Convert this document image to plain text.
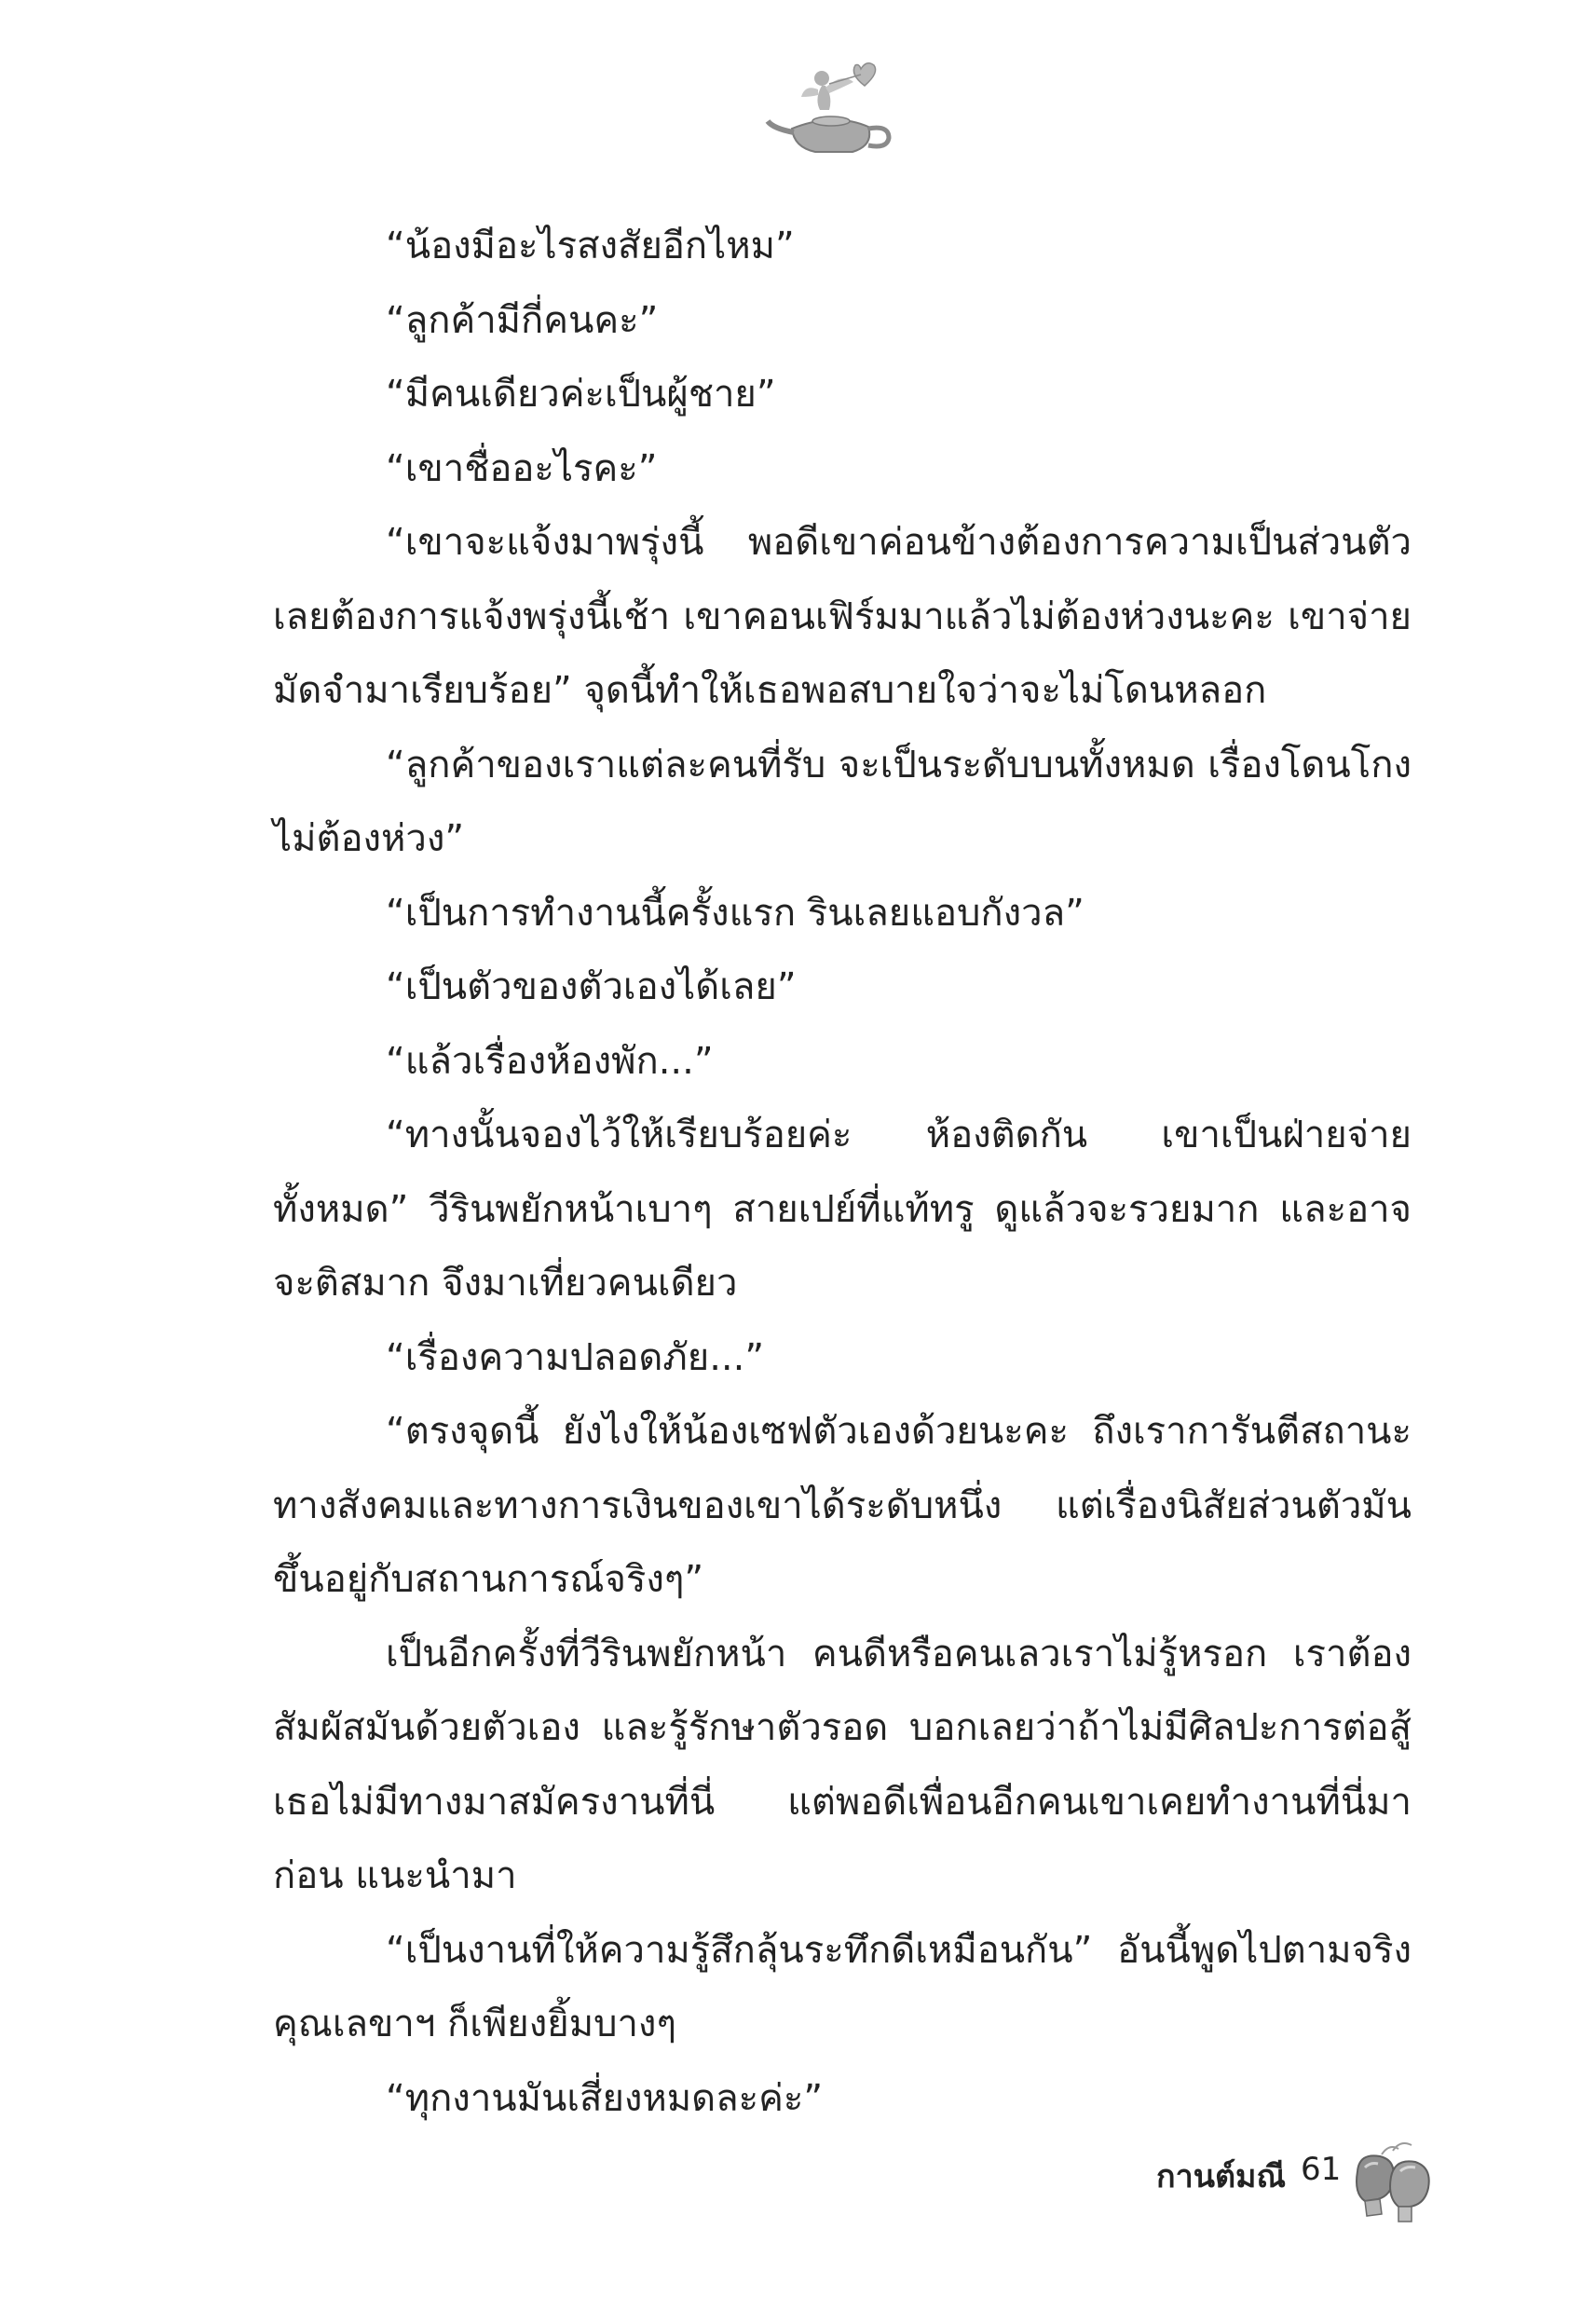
“น้องมีอะไรสงสัยอีกไหม”

“ลูกค้ามีกี่คนคะ”

“มีคนเดียวค่ะเป็นผู้ชาย”

“เขาชื่ออะไรคะ”

“เขาจะแจ้งมาพรุ่งนี้ พอดีเขาค่อนข้างต้องการความเป็นส่วนตัว เลยต้องการแจ้งพรุ่งนี้เช้า เขาคอนเฟิร์มมาแล้วไม่ต้องห่วงนะคะ เขาจ่ายมัดจำมาเรียบร้อย” จุดนี้ทำให้เธอพอสบายใจว่าจะไม่โดนหลอก

“ลูกค้าของเราแต่ละคนที่รับ จะเป็นระดับบนทั้งหมด เรื่องโดนโกงไม่ต้องห่วง”

“เป็นการทำงานนี้ครั้งแรก รินเลยแอบกังวล”

“เป็นตัวของตัวเองได้เลย”

“แล้วเรื่องห้องพัก...”

“ทางนั้นจองไว้ให้เรียบร้อยค่ะ ห้องติดกัน เขาเป็นฝ่ายจ่ายทั้งหมด” วีรินพยักหน้าเบาๆ สายเปย์ที่แท้ทรู ดูแล้วจะรวยมาก และอาจจะติสมาก จึงมาเที่ยวคนเดียว

“เรื่องความปลอดภัย...”

“ตรงจุดนี้ ยังไงให้น้องเซฟตัวเองด้วยนะคะ ถึงเราการันตีสถานะทางสังคมและทางการเงินของเขาได้ระดับหนึ่ง แต่เรื่องนิสัยส่วนตัวมันขึ้นอยู่กับสถานการณ์จริงๆ”

เป็นอีกครั้งที่วีรินพยักหน้า คนดีหรือคนเลวเราไม่รู้หรอก เราต้องสัมผัสมันด้วยตัวเอง และรู้รักษาตัวรอด บอกเลยว่าถ้าไม่มีศิลปะการต่อสู้เธอไม่มีทางมาสมัครงานที่นี่ แต่พอดีเพื่อนอีกคนเขาเคยทำงานที่นี่มาก่อน แนะนำมา

“เป็นงานที่ให้ความรู้สึกลุ้นระทึกดีเหมือนกัน” อันนี้พูดไปตามจริง คุณเลขาฯ ก็เพียงยิ้มบางๆ

“ทุกงานมันเสี่ยงหมดละค่ะ”

กานต์มณี 61
